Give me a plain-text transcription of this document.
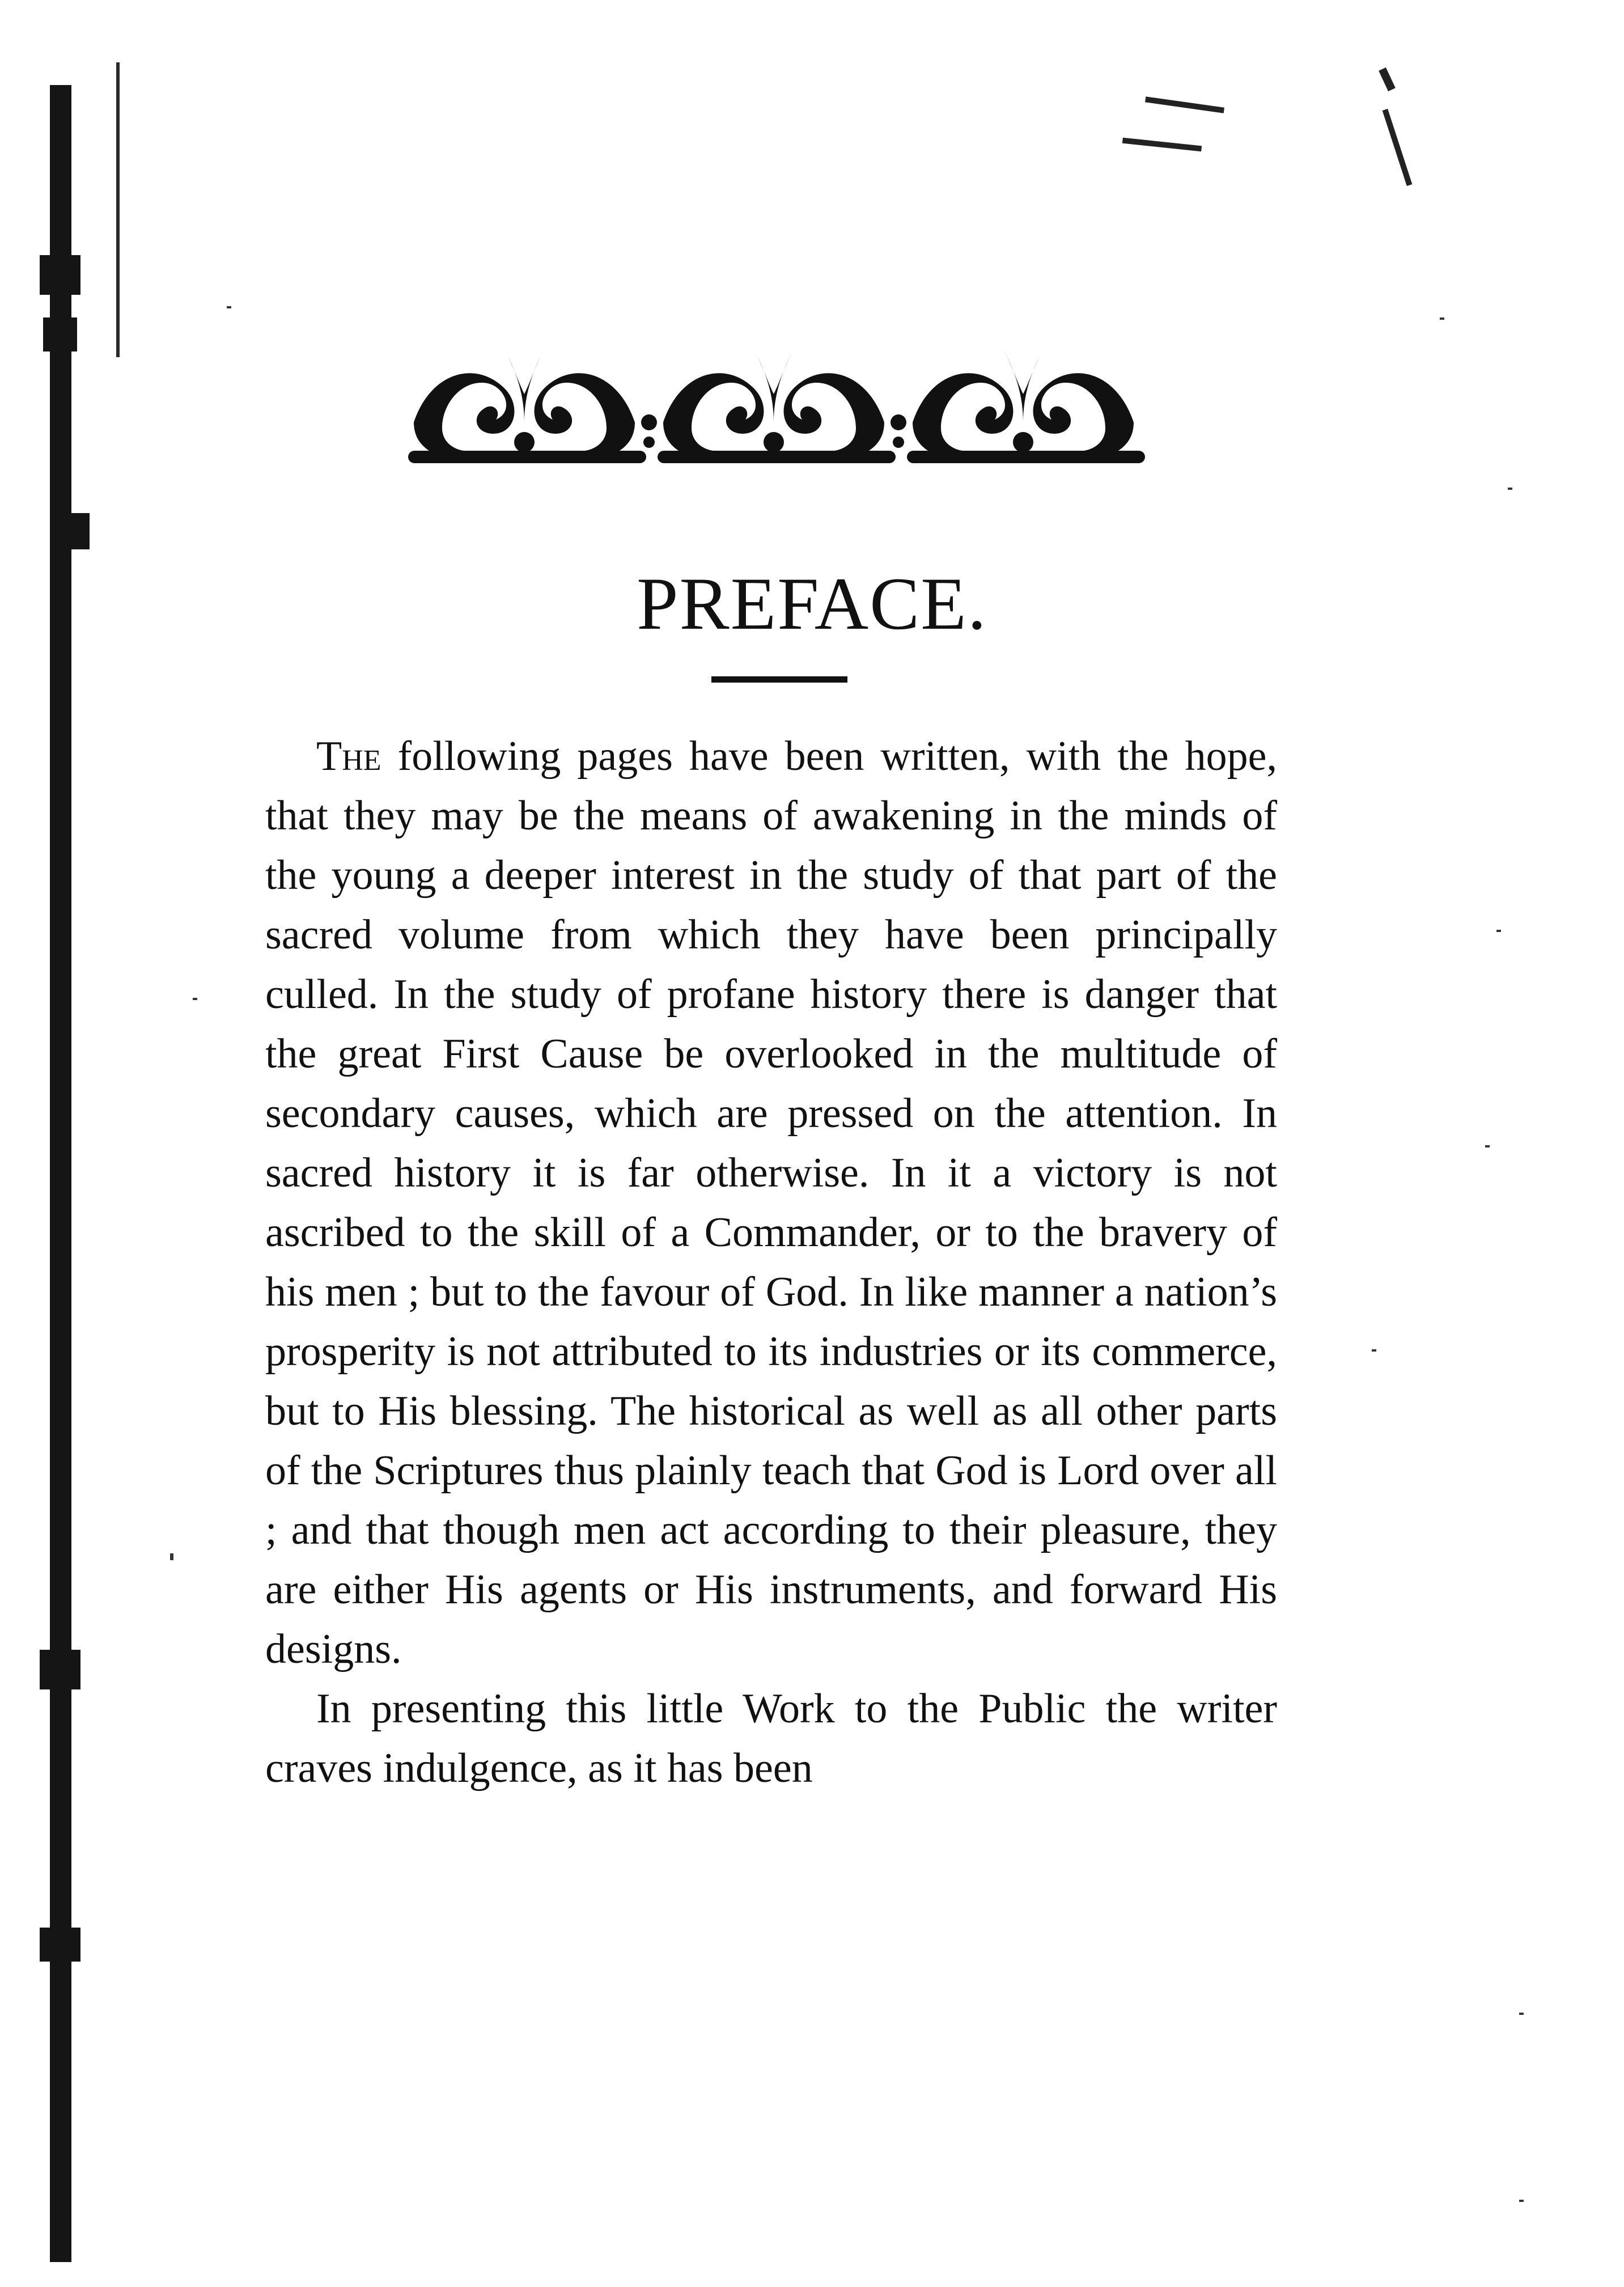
PREFACE.

The following pages have been written, with the hope, that they may be the means of awakening in the minds of the young a deeper interest in the study of that part of the sacred volume from which they have been principally culled. In the study of profane history there is danger that the great First Cause be overlooked in the multitude of secondary causes, which are pressed on the attention. In sacred history it is far otherwise. In it a victory is not ascribed to the skill of a Commander, or to the bravery of his men ; but to the favour of God. In like manner a nation’s prosperity is not attributed to its industries or its commerce, but to His blessing. The historical as well as all other parts of the Scriptures thus plainly teach that God is Lord over all ; and that though men act according to their pleasure, they are either His agents or His instruments, and forward His designs.

In presenting this little Work to the Public the writer craves indulgence, as it has been
